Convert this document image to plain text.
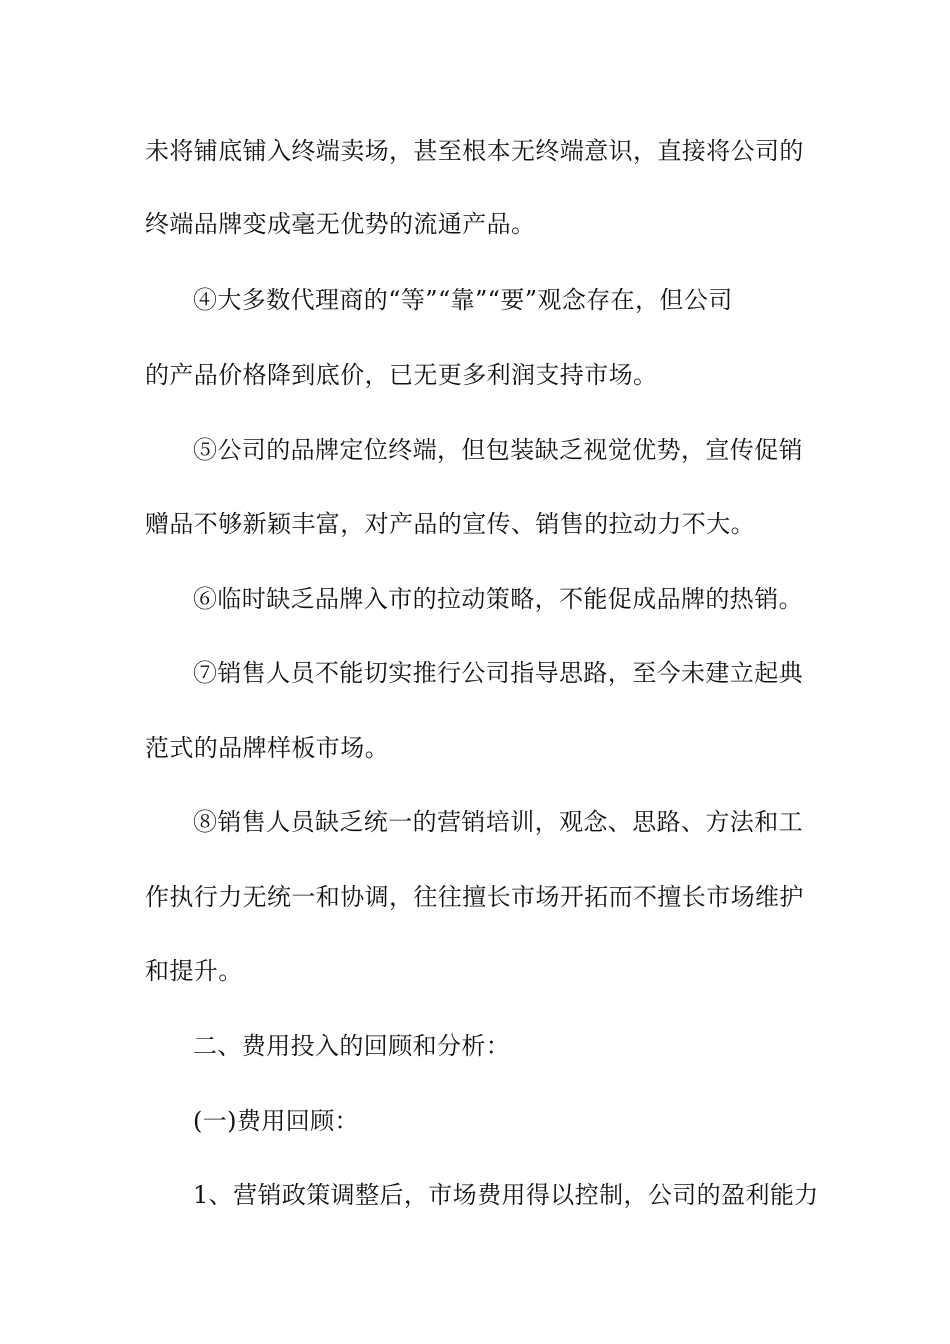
未将铺底铺入终端卖场，甚至根本无终端意识，直接将公司的
终端品牌变成毫无优势的流通产品。
④大多数代理商的“等”“靠”“要”观念存在，但公司
的产品价格降到底价，已无更多利润支持市场。
⑤公司的品牌定位终端，但包装缺乏视觉优势，宣传促销
赠品不够新颖丰富，对产品的宣传、销售的拉动力不大。
⑥临时缺乏品牌入市的拉动策略，不能促成品牌的热销。
⑦销售人员不能切实推行公司指导思路，至今未建立起典
范式的品牌样板市场。
⑧销售人员缺乏统一的营销培训，观念、思路、方法和工
作执行力无统一和协调，往往擅长市场开拓而不擅长市场维护
和提升。
二、费用投入的回顾和分析：
(一)费用回顾：
1、营销政策调整后，市场费用得以控制，公司的盈利能力
